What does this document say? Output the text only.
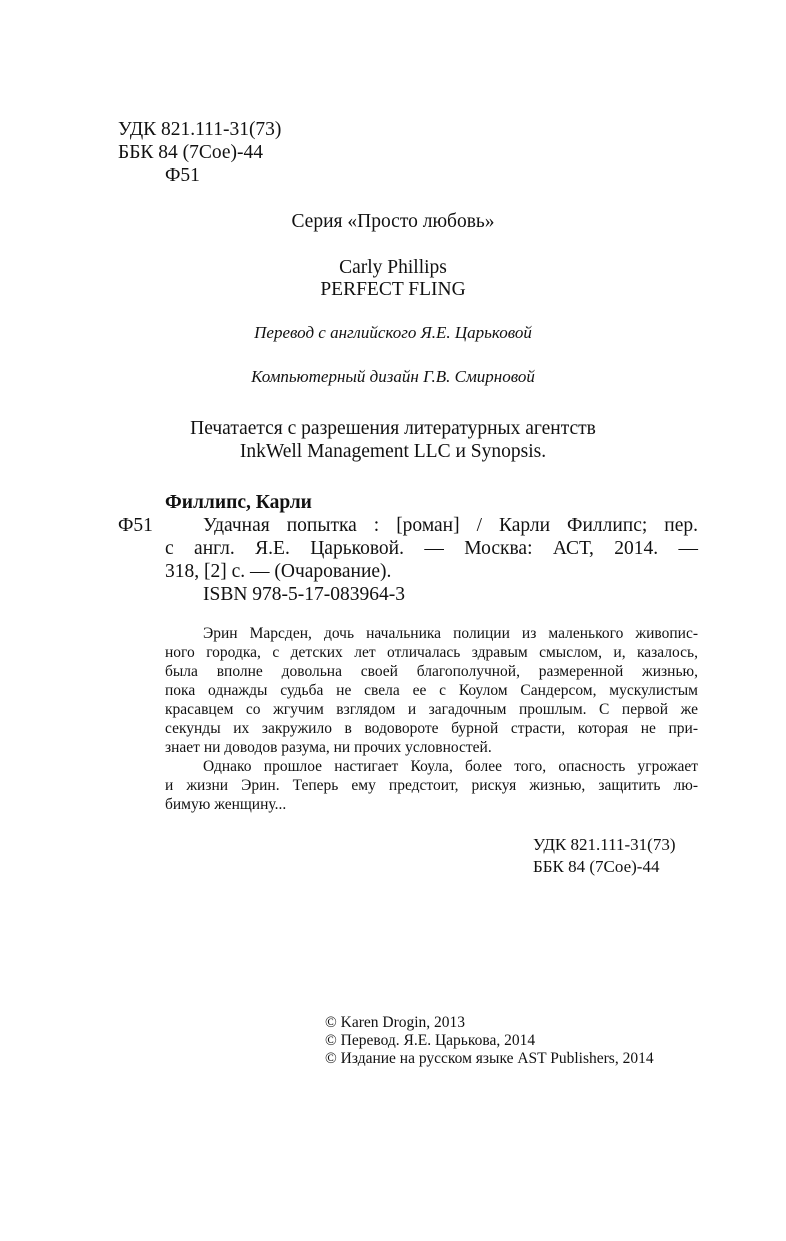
УДК 821.111-31(73)
ББК 84 (7Сое)-44
Ф51
Серия «Просто любовь»
Carly Phillips
PERFECT FLING
Перевод с английского Я.Е. Царьковой
Компьютерный дизайн Г.В. Смирновой
Печатается с разрешения литературных агентств
InkWell Management LLC и Synopsis.
Филлипс, Карли
Ф51	Удачная попытка : [роман] / Карли Филлипс; пер.
с англ. Я.Е. Царьковой. — Москва: АСТ, 2014. —
318, [2] с. — (Очарование).
ISBN 978-5-17-083964-3
Эрин Марсден, дочь начальника полиции из маленького живопис-
ного городка, с детских лет отличалась здравым смыслом, и, казалось,
была вполне довольна своей благополучной, размеренной жизнью,
пока однажды судьба не свела ее с Коулом Сандерсом, мускулистым
красавцем со жгучим взглядом и загадочным прошлым. С первой же
секунды их закружило в водовороте бурной страсти, которая не при-
знает ни доводов разума, ни прочих условностей.
Однако прошлое настигает Коула, более того, опасность угрожает
и жизни Эрин. Теперь ему предстоит, рискуя жизнью, защитить лю-
бимую женщину...
УДК 821.111-31(73)
ББК 84 (7Сое)-44
© Karen Drogin, 2013
© Перевод. Я.Е. Царькова, 2014
© Издание на русском языке AST Publishers, 2014
